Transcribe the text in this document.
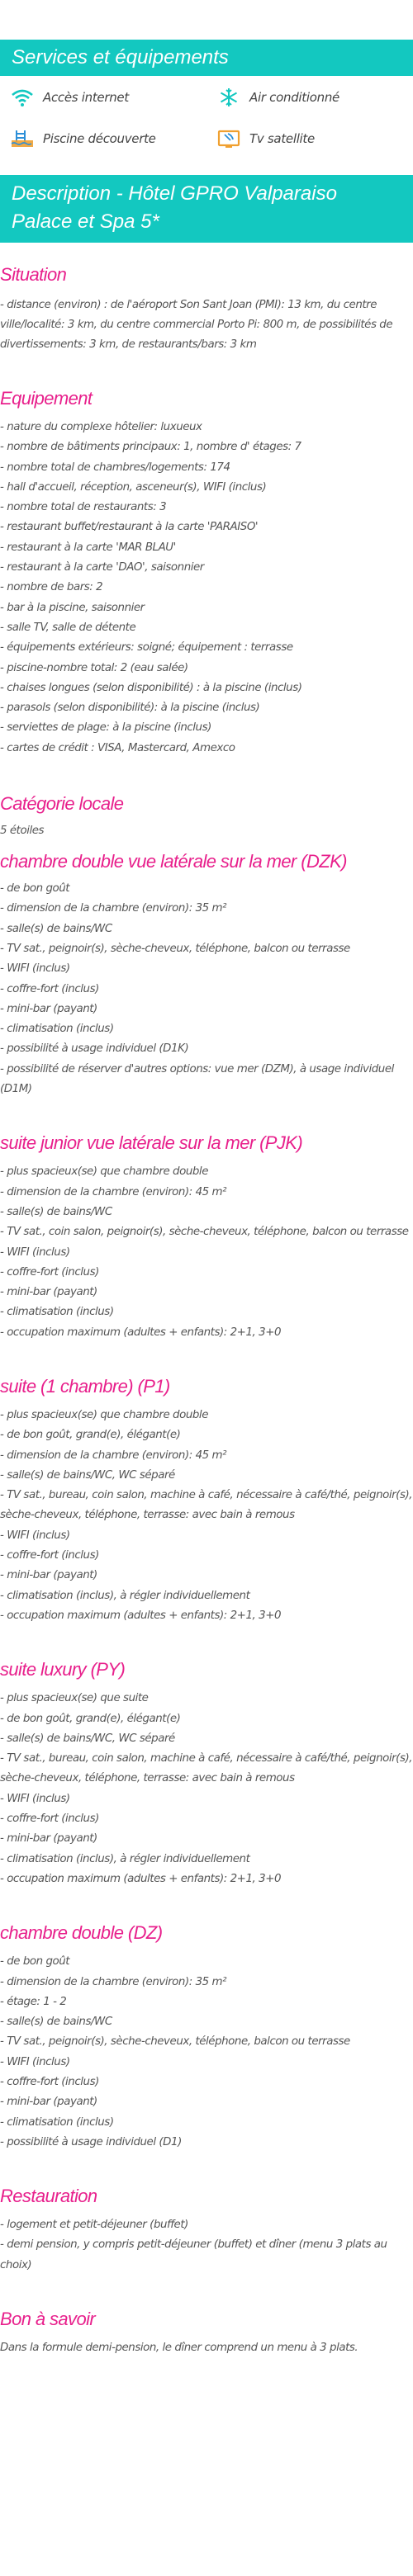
Services et équipements
Accès internet	Air conditionné
Piscine découverte	Tv satellite
Description - Hôtel GPRO Valparaiso Palace et Spa 5*
Situation

- distance (environ) : de l'aéroport Son Sant Joan (PMI): 13 km, du centre ville/localité: 3 km, du centre commercial Porto Pi: 800 m, de possibilités de divertissements: 3 km, de restaurants/bars: 3 km

Equipement
- nature du complexe hôtelier: luxueux
- nombre de bâtiments principaux: 1, nombre d' étages: 7
- nombre total de chambres/logements: 174
- hall d'accueil, réception, asceneur(s), WIFI (inclus)
- nombre total de restaurants: 3
- restaurant buffet/restaurant à la carte 'PARAISO'
- restaurant à la carte 'MAR BLAU'
- restaurant à la carte 'DAO', saisonnier
- nombre de bars: 2
- bar à la piscine, saisonnier
- salle TV, salle de détente
- équipements extérieurs: soigné; équipement : terrasse
- piscine-nombre total: 2 (eau salée)
- chaises longues (selon disponibilité) : à la piscine (inclus)
- parasols (selon disponibilité): à la piscine (inclus)
- serviettes de plage: à la piscine (inclus)
- cartes de crédit : VISA, Mastercard, Amexco
Catégorie locale

5 étoiles

chambre double vue latérale sur la mer (DZK)
- de bon goût
- dimension de la chambre (environ): 35 m²
- salle(s) de bains/WC
- TV sat., peignoir(s), sèche-cheveux, téléphone, balcon ou terrasse
- WIFI (inclus)
- coffre-fort (inclus)
- mini-bar (payant)
- climatisation (inclus)
- possibilité à usage individuel (D1K)
- possibilité de réserver d'autres options: vue mer (DZM), à usage individuel (D1M)
suite junior vue latérale sur la mer (PJK)
- plus spacieux(se) que chambre double
- dimension de la chambre (environ): 45 m²
- salle(s) de bains/WC
- TV sat., coin salon, peignoir(s), sèche-cheveux, téléphone, balcon ou terrasse
- WIFI (inclus)
- coffre-fort (inclus)
- mini-bar (payant)
- climatisation (inclus)
- occupation maximum (adultes + enfants): 2+1, 3+0
suite (1 chambre) (P1)
- plus spacieux(se) que chambre double
- de bon goût, grand(e), élégant(e)
- dimension de la chambre (environ): 45 m²
- salle(s) de bains/WC, WC séparé
- TV sat., bureau, coin salon, machine à café, nécessaire à café/thé, peignoir(s), sèche-cheveux, téléphone, terrasse: avec bain à remous
- WIFI (inclus)
- coffre-fort (inclus)
- mini-bar (payant)
- climatisation (inclus), à régler individuellement
- occupation maximum (adultes + enfants): 2+1, 3+0
suite luxury (PY)
- plus spacieux(se) que suite
- de bon goût, grand(e), élégant(e)
- salle(s) de bains/WC, WC séparé
- TV sat., bureau, coin salon, machine à café, nécessaire à café/thé, peignoir(s), sèche-cheveux, téléphone, terrasse: avec bain à remous
- WIFI (inclus)
- coffre-fort (inclus)
- mini-bar (payant)
- climatisation (inclus), à régler individuellement
- occupation maximum (adultes + enfants): 2+1, 3+0
chambre double (DZ)
- de bon goût
- dimension de la chambre (environ): 35 m²
- étage: 1 - 2
- salle(s) de bains/WC
- TV sat., peignoir(s), sèche-cheveux, téléphone, balcon ou terrasse
- WIFI (inclus)
- coffre-fort (inclus)
- mini-bar (payant)
- climatisation (inclus)
- possibilité à usage individuel (D1)
Restauration
- logement et petit-déjeuner (buffet)
- demi pension, y compris petit-déjeuner (buffet) et dîner (menu 3 plats au choix)
Bon à savoir

Dans la formule demi-pension, le dîner comprend un menu à 3 plats.
